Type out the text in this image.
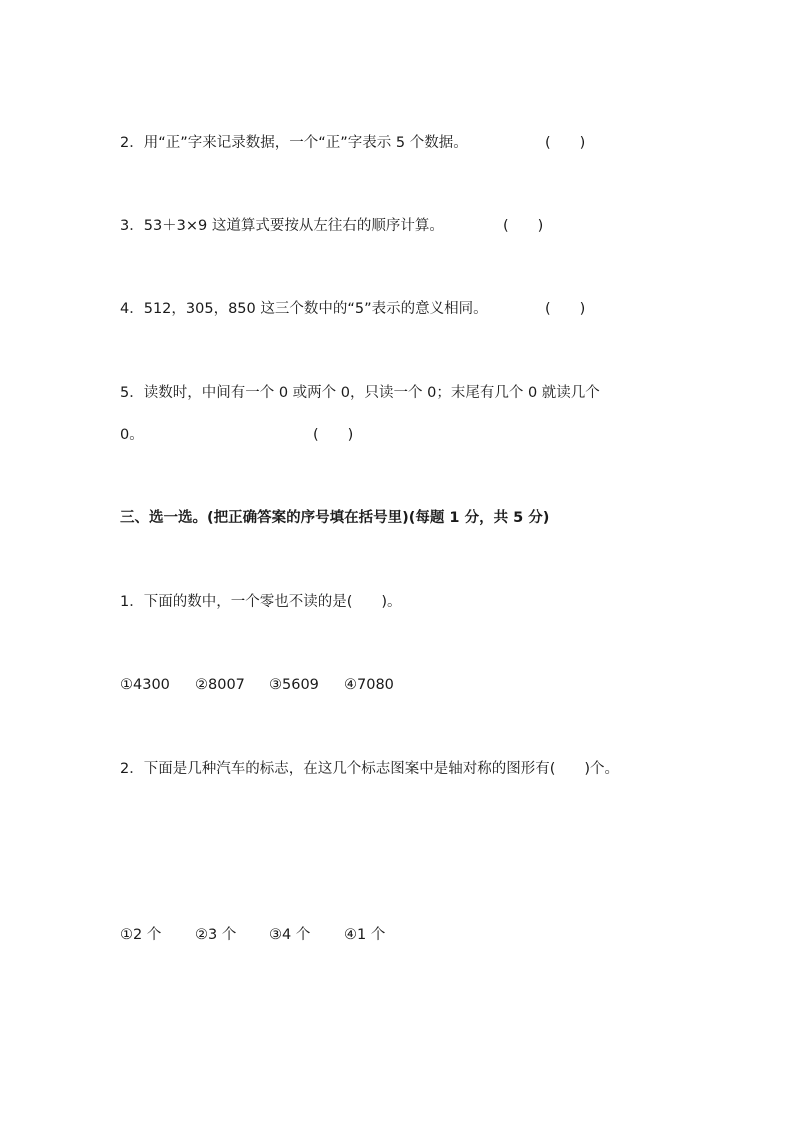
2．用“正”字来记录数据，一个“正”字表示 5 个数据。	(　　)
3．53＋3×9 这道算式要按从左往右的顺序计算。	(　　)
4．512，305，850 这三个数中的“5”表示的意义相同。	(　　)
5．读数时，中间有一个 0 或两个 0，只读一个 0；末尾有几个 0 就读几个
0。	(　　)
三、选一选。(把正确答案的序号填在括号里)(每题 1 分，共 5 分)
1．下面的数中，一个零也不读的是(　　)。
①4300 ②8007 ③5609 ④7080
2．下面是几种汽车的标志，在这几个标志图案中是轴对称的图形有(　　)个。
①2 个 ②3 个 ③4 个 ④1 个
